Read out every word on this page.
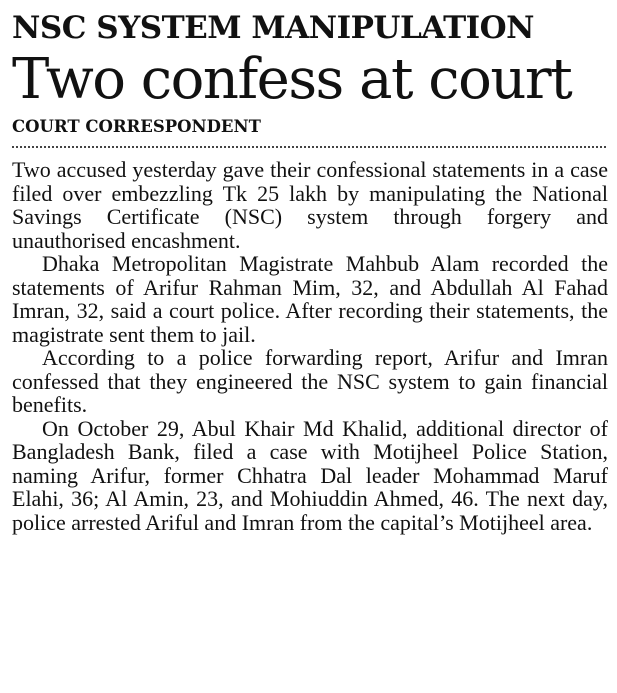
NSC SYSTEM MANIPULATION
Two confess at court
COURT CORRESPONDENT

Two accused yesterday gave their confessional statements in a case filed over embezzling Tk 25 lakh by manipulating the National Savings Certificate (NSC) system through forgery and unauthorised encashment.

Dhaka Metropolitan Magistrate Mahbub Alam recorded the statements of Arifur Rahman Mim, 32, and Abdullah Al Fahad Imran, 32, said a court police. After recording their statements, the magistrate sent them to jail.

According to a police forwarding report, Arifur and Imran confessed that they engineered the NSC system to gain financial benefits.

On October 29, Abul Khair Md Khalid, additional director of Bangladesh Bank, filed a case with Motijheel Police Station, naming Arifur, former Chhatra Dal leader Mohammad Maruf Elahi, 36; Al Amin, 23, and Mohiuddin Ahmed, 46. The next day, police arrested Ariful and Imran from the capital’s Motijheel area.
